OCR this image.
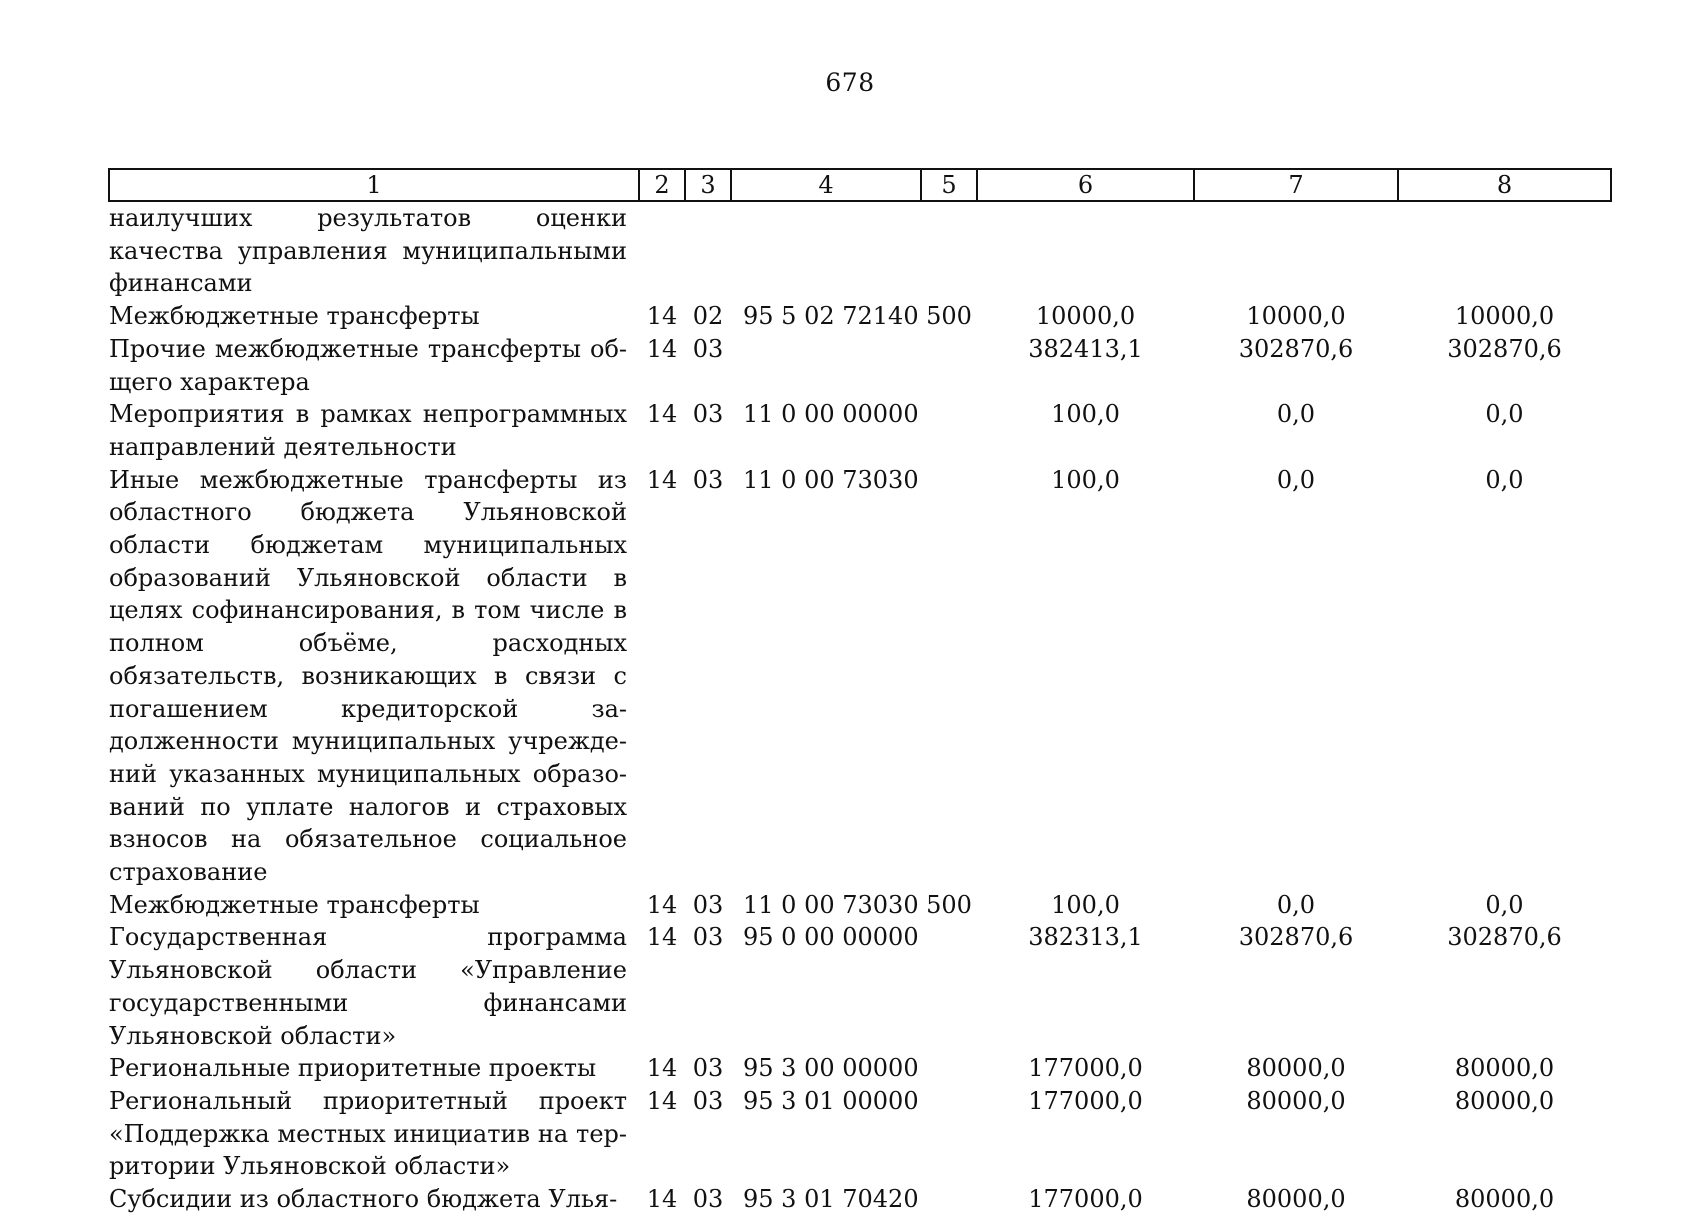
678
1	2	3	4	5	6	7	8
наилучших результатов оценки качества управления муниципальными финансами							
Межбюджетные трансферты	14	02	95 5 02 72140	500	10000,0	10000,0	10000,0
Прочие межбюджетные трансферты общего характера	14	03			382413,1	302870,6	302870,6
Мероприятия в рамках непрограммных направлений деятельности	14	03	11 0 00 00000		100,0	0,0	0,0
Иные межбюджетные трансферты из областного бюджета Ульяновской области бюджетам муниципальных образований Ульяновской области в целях софинансирования, в том числе в полном объёме, расходных обязательств, возникающих в связи с погашением кредиторской задолженности муниципальных учреждений указанных муниципальных образований по уплате налогов и страховых взносов на обязательное социальное страхование	14	03	11 0 00 73030		100,0	0,0	0,0
Межбюджетные трансферты	14	03	11 0 00 73030	500	100,0	0,0	0,0
Государственная программа Ульяновской области «Управление государственными финансами Ульяновской области»	14	03	95 0 00 00000		382313,1	302870,6	302870,6
Региональные приоритетные проекты	14	03	95 3 00 00000		177000,0	80000,0	80000,0
Региональный приоритетный проект «Поддержка местных инициатив на территории Ульяновской области»	14	03	95 3 01 00000		177000,0	80000,0	80000,0
Субсидии из областного бюджета Улья-	14	03	95 3 01 70420		177000,0	80000,0	80000,0
